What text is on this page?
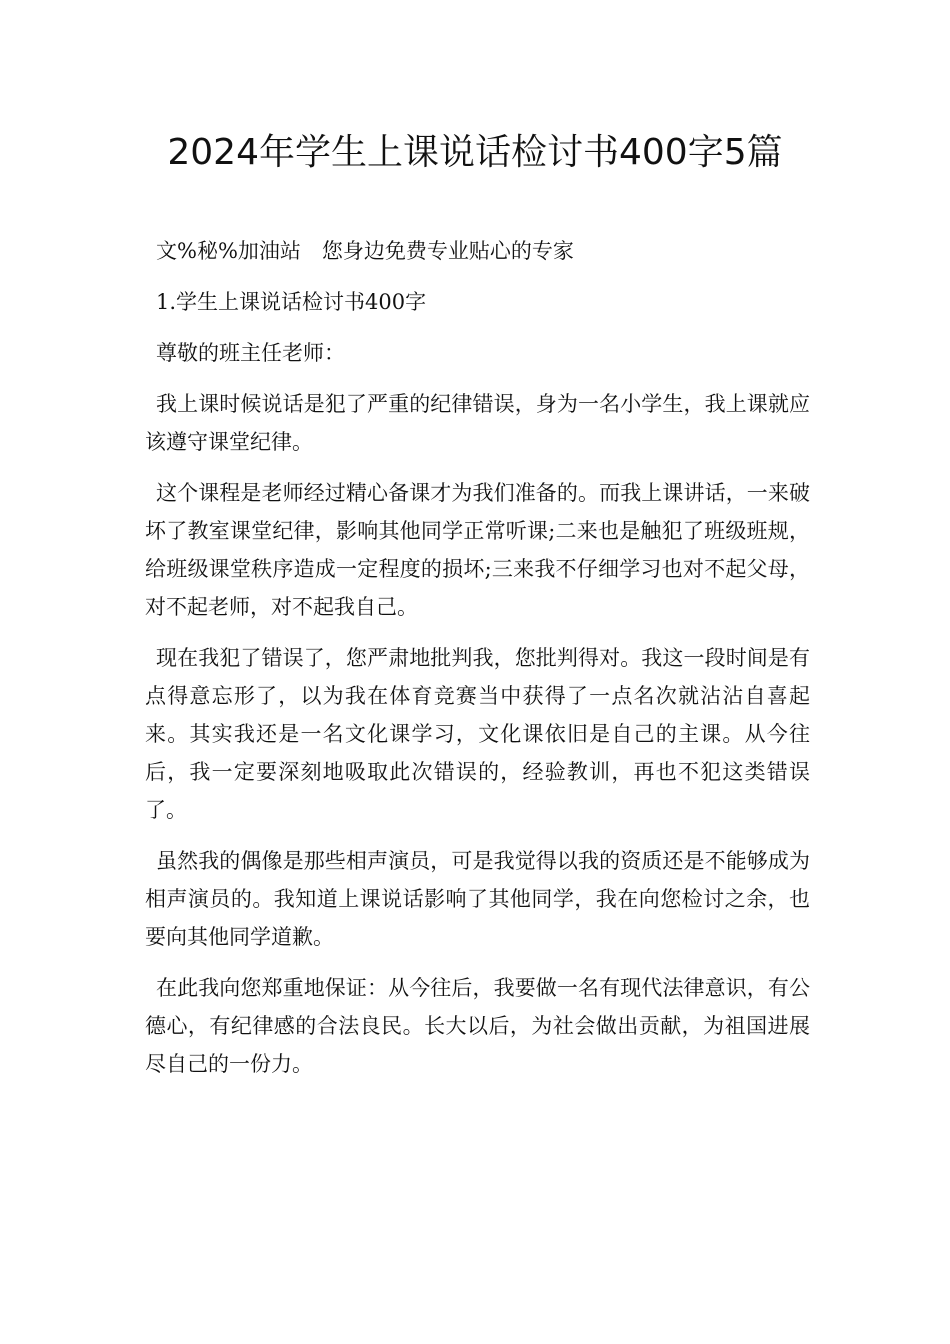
2024年学生上课说话检讨书400字5篇

文%秘%加油站　您身边免费专业贴心的专家

1.学生上课说话检讨书400字

尊敬的班主任老师：

我上课时候说话是犯了严重的纪律错误，身为一名小学生，我上课就应该遵守课堂纪律。

这个课程是老师经过精心备课才为我们准备的。而我上课讲话，一来破坏了教室课堂纪律，影响其他同学正常听课;二来也是触犯了班级班规，给班级课堂秩序造成一定程度的损坏;三来我不仔细学习也对不起父母，对不起老师，对不起我自己。

现在我犯了错误了，您严肃地批判我，您批判得对。我这一段时间是有点得意忘形了，以为我在体育竞赛当中获得了一点名次就沾沾自喜起来。其实我还是一名文化课学习，文化课依旧是自己的主课。从今往后，我一定要深刻地吸取此次错误的，经验教训，再也不犯这类错误了。

虽然我的偶像是那些相声演员，可是我觉得以我的资质还是不能够成为相声演员的。我知道上课说话影响了其他同学，我在向您检讨之余，也要向其他同学道歉。

在此我向您郑重地保证：从今往后，我要做一名有现代法律意识，有公德心，有纪律感的合法良民。长大以后，为社会做出贡献，为祖国进展尽自己的一份力。
